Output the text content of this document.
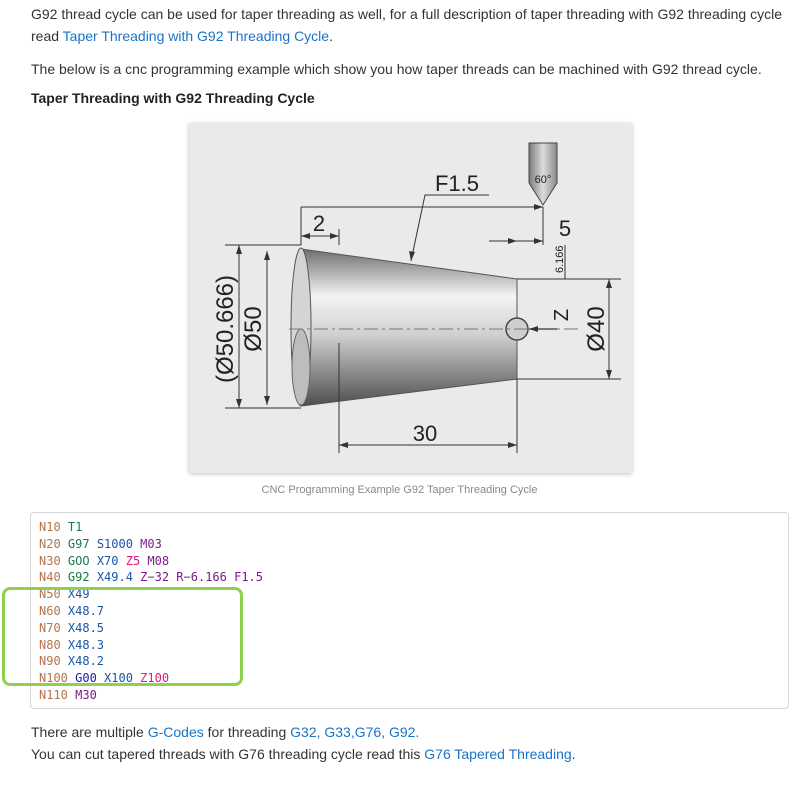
G92 thread cycle can be used for taper threading as well, for a full description of taper threading with G92 threading cycle

read Taper Threading with G92 Threading Cycle.

The below is a cnc programming example which show you how taper threads can be machined with G92 thread cycle.

Taper Threading with G92 Threading Cycle
60°
(Ø50.666) Ø50	Ø40
6.166
Z
2
F1.5
5
30
CNC Programming Example G92 Taper Threading Cycle
N10 T1
N20 G97 S1000 M03
N30 GOO X70 Z5 M08
N40 G92 X49.4 Z−32 R−6.166 F1.5
N50 X49
N60 X48.7
N70 X48.5
N80 X48.3
N90 X48.2
N100 G00 X100 Z100
N110 M30

There are multiple G-Codes for threading G32, G33,G76, G92.

You can cut tapered threads with G76 threading cycle read this G76 Tapered Threading.
